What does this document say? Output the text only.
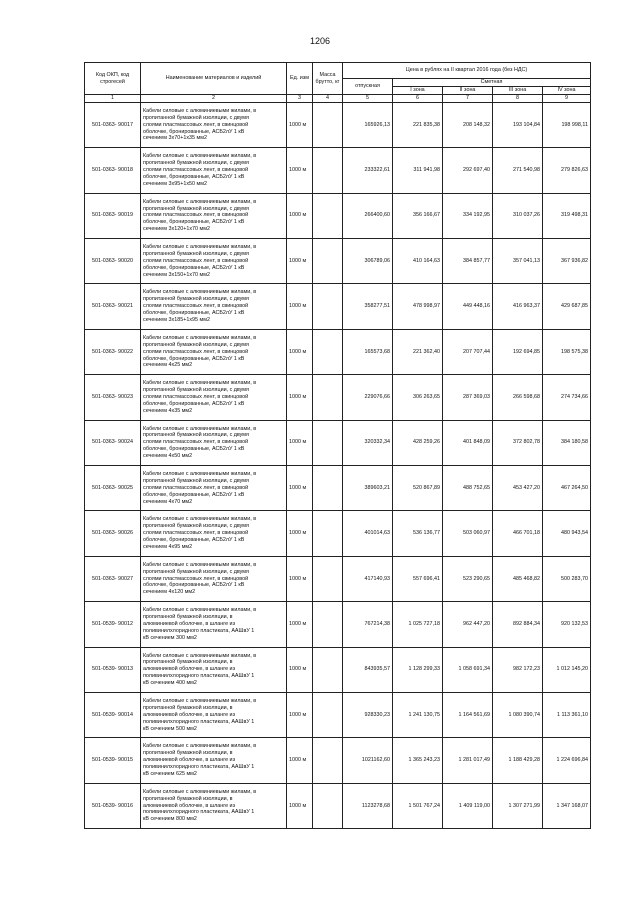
1206
Код ОКП, код строгесей	Наименование материалов и изделий	Ед. изм	Масса брутто, кг	Цена в рублях на II квартал 2016 года (без НДС)				
				отпускная	Сметная			
					I зона	II зона	III зона	IV зона
1	2	3	4	5	6	7	8	9
501-0363- 90017	Кабели силовые с алюминиевыми жилами, в
пропитанной бумажной изоляции, с двумя
слоями пластмассовых лент, в свинцовой
оболочке, бронированные, АСБ2лУ 1 кВ
сечением 3х70+1х35 мм2	1000 м		165926,13	221 835,38	208 148,32	193 104,84	198 998,11
501-0363- 90018	Кабели силовые с алюминиевыми жилами, в
пропитанной бумажной изоляции, с двумя
слоями пластмассовых лент, в свинцовой
оболочке, бронированные, АСБ2лУ 1 кВ
сечением 3х95+1х50 мм2	1000 м		233322,61	311 941,98	292 697,40	271 540,98	279 826,63
501-0363- 90019	Кабели силовые с алюминиевыми жилами, в
пропитанной бумажной изоляции, с двумя
слоями пластмассовых лент, в свинцовой
оболочке, бронированные, АСБ2лУ 1 кВ
сечением 3х120+1х70 мм2	1000 м		266400,60	356 166,67	334 192,95	310 037,26	319 498,31
501-0363- 90020	Кабели силовые с алюминиевыми жилами, в
пропитанной бумажной изоляции, с двумя
слоями пластмассовых лент, в свинцовой
оболочке, бронированные, АСБ2лУ 1 кВ
сечением 3х150+1х70 мм2	1000 м		306789,06	410 164,63	384 857,77	357 041,13	367 936,82
501-0363- 90021	Кабели силовые с алюминиевыми жилами, в
пропитанной бумажной изоляции, с двумя
слоями пластмассовых лент, в свинцовой
оболочке, бронированные, АСБ2лУ 1 кВ
сечением 3х185+1х95 мм2	1000 м		358277,51	478 998,97	449 448,16	416 963,37	429 687,85
501-0363- 90022	Кабели силовые с алюминиевыми жилами, в
пропитанной бумажной изоляции, с двумя
слоями пластмассовых лент, в свинцовой
оболочке, бронированные, АСБ2лУ 1 кВ
сечением 4х25 мм2	1000 м		165573,68	221 362,40	207 707,44	192 694,85	198 575,38
501-0363- 90023	Кабели силовые с алюминиевыми жилами, в
пропитанной бумажной изоляции, с двумя
слоями пластмассовых лент, в свинцовой
оболочке, бронированные, АСБ2лУ 1 кВ
сечением 4х35 мм2	1000 м		229076,66	306 263,65	287 369,03	266 598,68	274 734,66
501-0363- 90024	Кабели силовые с алюминиевыми жилами, в
пропитанной бумажной изоляции, с двумя
слоями пластмассовых лент, в свинцовой
оболочке, бронированные, АСБ2лУ 1 кВ
сечением 4х50 мм2	1000 м		320332,34	428 259,26	401 848,09	372 802,78	384 180,58
501-0363- 90025	Кабели силовые с алюминиевыми жилами, в
пропитанной бумажной изоляции, с двумя
слоями пластмассовых лент, в свинцовой
оболочке, бронированные, АСБ2лУ 1 кВ
сечением 4х70 мм2	1000 м		389603,21	520 867,89	488 752,65	453 427,20	467 264,50
501-0363- 90026	Кабели силовые с алюминиевыми жилами, в
пропитанной бумажной изоляции, с двумя
слоями пластмассовых лент, в свинцовой
оболочке, бронированные, АСБ2лУ 1 кВ
сечением 4х95 мм2	1000 м		401014,63	536 136,77	503 060,97	466 701,18	480 943,54
501-0363- 90027	Кабели силовые с алюминиевыми жилами, в
пропитанной бумажной изоляции, с двумя
слоями пластмассовых лент, в свинцовой
оболочке, бронированные, АСБ2лУ 1 кВ
сечением 4х120 мм2	1000 м		417140,93	557 696,41	523 290,65	485 468,82	500 283,70
501-0539- 90012	Кабели силовые с алюминиевыми жилами, в
пропитанной бумажной изоляции, в
алюминиевой оболочке, в шланге из
поливинилхлоридного пластиката, ААШвУ 1
кВ сечением 300 мм2	1000 м		767214,38	1 025 727,18	962 447,20	892 884,34	920 132,53
501-0539- 90013	Кабели силовые с алюминиевыми жилами, в
пропитанной бумажной изоляции, в
алюминиевой оболочке, в шланге из
поливинилхлоридного пластиката, ААШвУ 1
кВ сечением 400 мм2	1000 м		843935,57	1 128 299,33	1 058 691,34	982 172,23	1 012 145,20
501-0539- 90014	Кабели силовые с алюминиевыми жилами, в
пропитанной бумажной изоляции, в
алюминиевой оболочке, в шланге из
поливинилхлоридного пластиката, ААШвУ 1
кВ сечением 500 мм2	1000 м		928330,23	1 241 130,75	1 164 561,69	1 080 390,74	1 113 361,10
501-0539- 90015	Кабели силовые с алюминиевыми жилами, в
пропитанной бумажной изоляции, в
алюминиевой оболочке, в шланге из
поливинилхлоридного пластиката, ААШвУ 1
кВ сечением 625 мм2	1000 м		1021162,60	1 365 243,23	1 281 017,49	1 188 429,28	1 224 696,84
501-0539- 90016	Кабели силовые с алюминиевыми жилами, в
пропитанной бумажной изоляции, в
алюминиевой оболочке, в шланге из
поливинилхлоридного пластиката, ААШвУ 1
кВ сечением 800 мм2	1000 м		1123278,68	1 501 767,24	1 409 119,00	1 307 271,99	1 347 168,07
